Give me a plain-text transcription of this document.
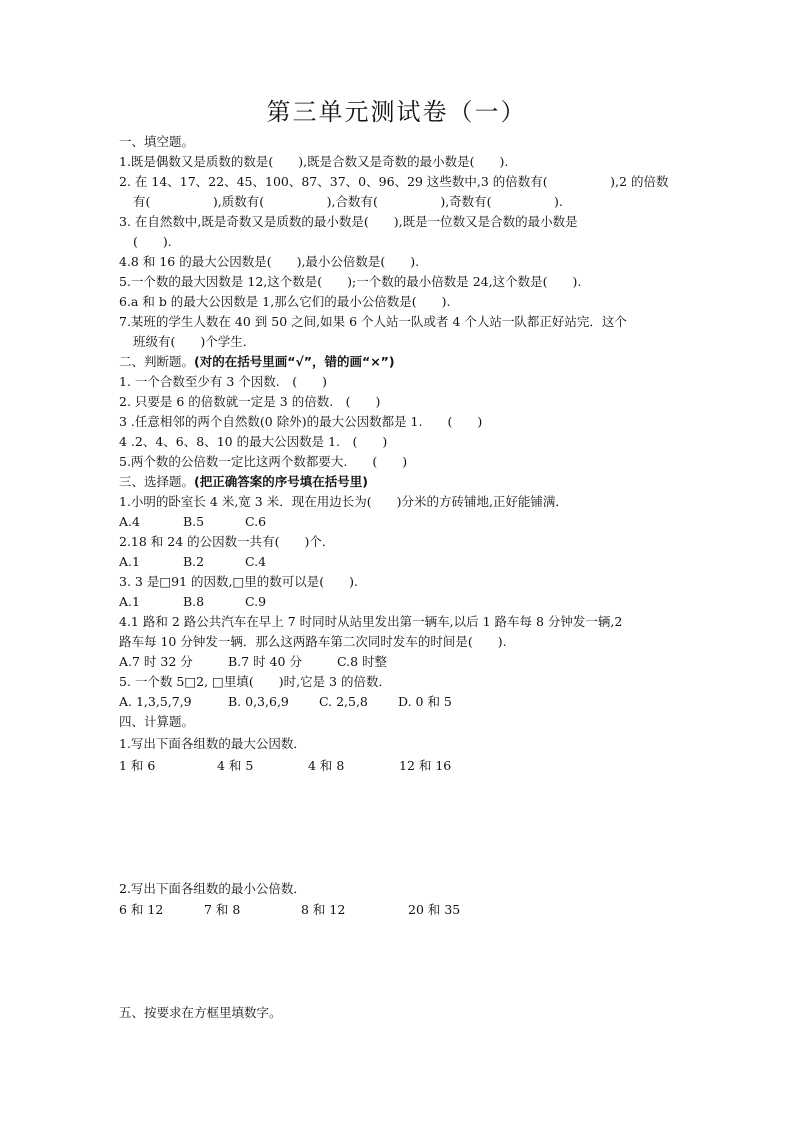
第三单元测试卷（一）
一、填空题。
1.既是偶数又是质数的数是(　　),既是合数又是奇数的最小数是(　　).
2. 在 14、17、22、45、100、87、37、0、96、29 这些数中,3 的倍数有(　　　　　),2 的倍数
有(　　　　　),质数有(　　　　　),合数有(　　　　　),奇数有(　　　　　).
3. 在自然数中,既是奇数又是质数的最小数是(　　),既是一位数又是合数的最小数是
(　　).
4.8 和 16 的最大公因数是(　　),最小公倍数是(　　).
5.一个数的最大因数是 12,这个数是(　　);一个数的最小倍数是 24,这个数是(　　).
6.a 和 b 的最大公因数是 1,那么它们的最小公倍数是(　　).
7.某班的学生人数在 40 到 50 之间,如果 6 个人站一队或者 4 个人站一队都正好站完．这个
班级有(　　)个学生．
二、判断题。(对的在括号里画“√”，错的画“×”)
1. 一个合数至少有 3 个因数.　(　　)
2. 只要是 6 的倍数就一定是 3 的倍数.　(　　)
3 .任意相邻的两个自然数(0 除外)的最大公因数都是 1.　　(　　)
4 .2、4、6、8、10 的最大公因数是 1.　(　　)
5.两个数的公倍数一定比这两个数都要大.　　(　　)
三、选择题。(把正确答案的序号填在括号里)
1.小明的卧室长 4 米,宽 3 米．现在用边长为(　　)分米的方砖铺地,正好能铺满．
A.4	B.5	C.6
2.18 和 24 的公因数一共有(　　)个．
A.1	B.2	C.4
3. 3 是□91 的因数,□里的数可以是(　　).
A.1	B.8	C.9
4.1 路和 2 路公共汽车在早上 7 时同时从站里发出第一辆车,以后 1 路车每 8 分钟发一辆,2
路车每 10 分钟发一辆．那么这两路车第二次同时发车的时间是(　　).
A.7 时 32 分	B.7 时 40 分	C.8 时整
5. 一个数 5□2, □里填(　　)时,它是 3 的倍数．
A. 1,3,5,7,9	B. 0,3,6,9 C. 2,5,8 D. 0 和 5
四、计算题。
1.写出下面各组数的最大公因数．
1 和 6	4 和 5	4 和 8	12 和 16
2.写出下面各组数的最小公倍数．
6 和 12	7 和 8	8 和 12	20 和 35
五、按要求在方框里填数字。
